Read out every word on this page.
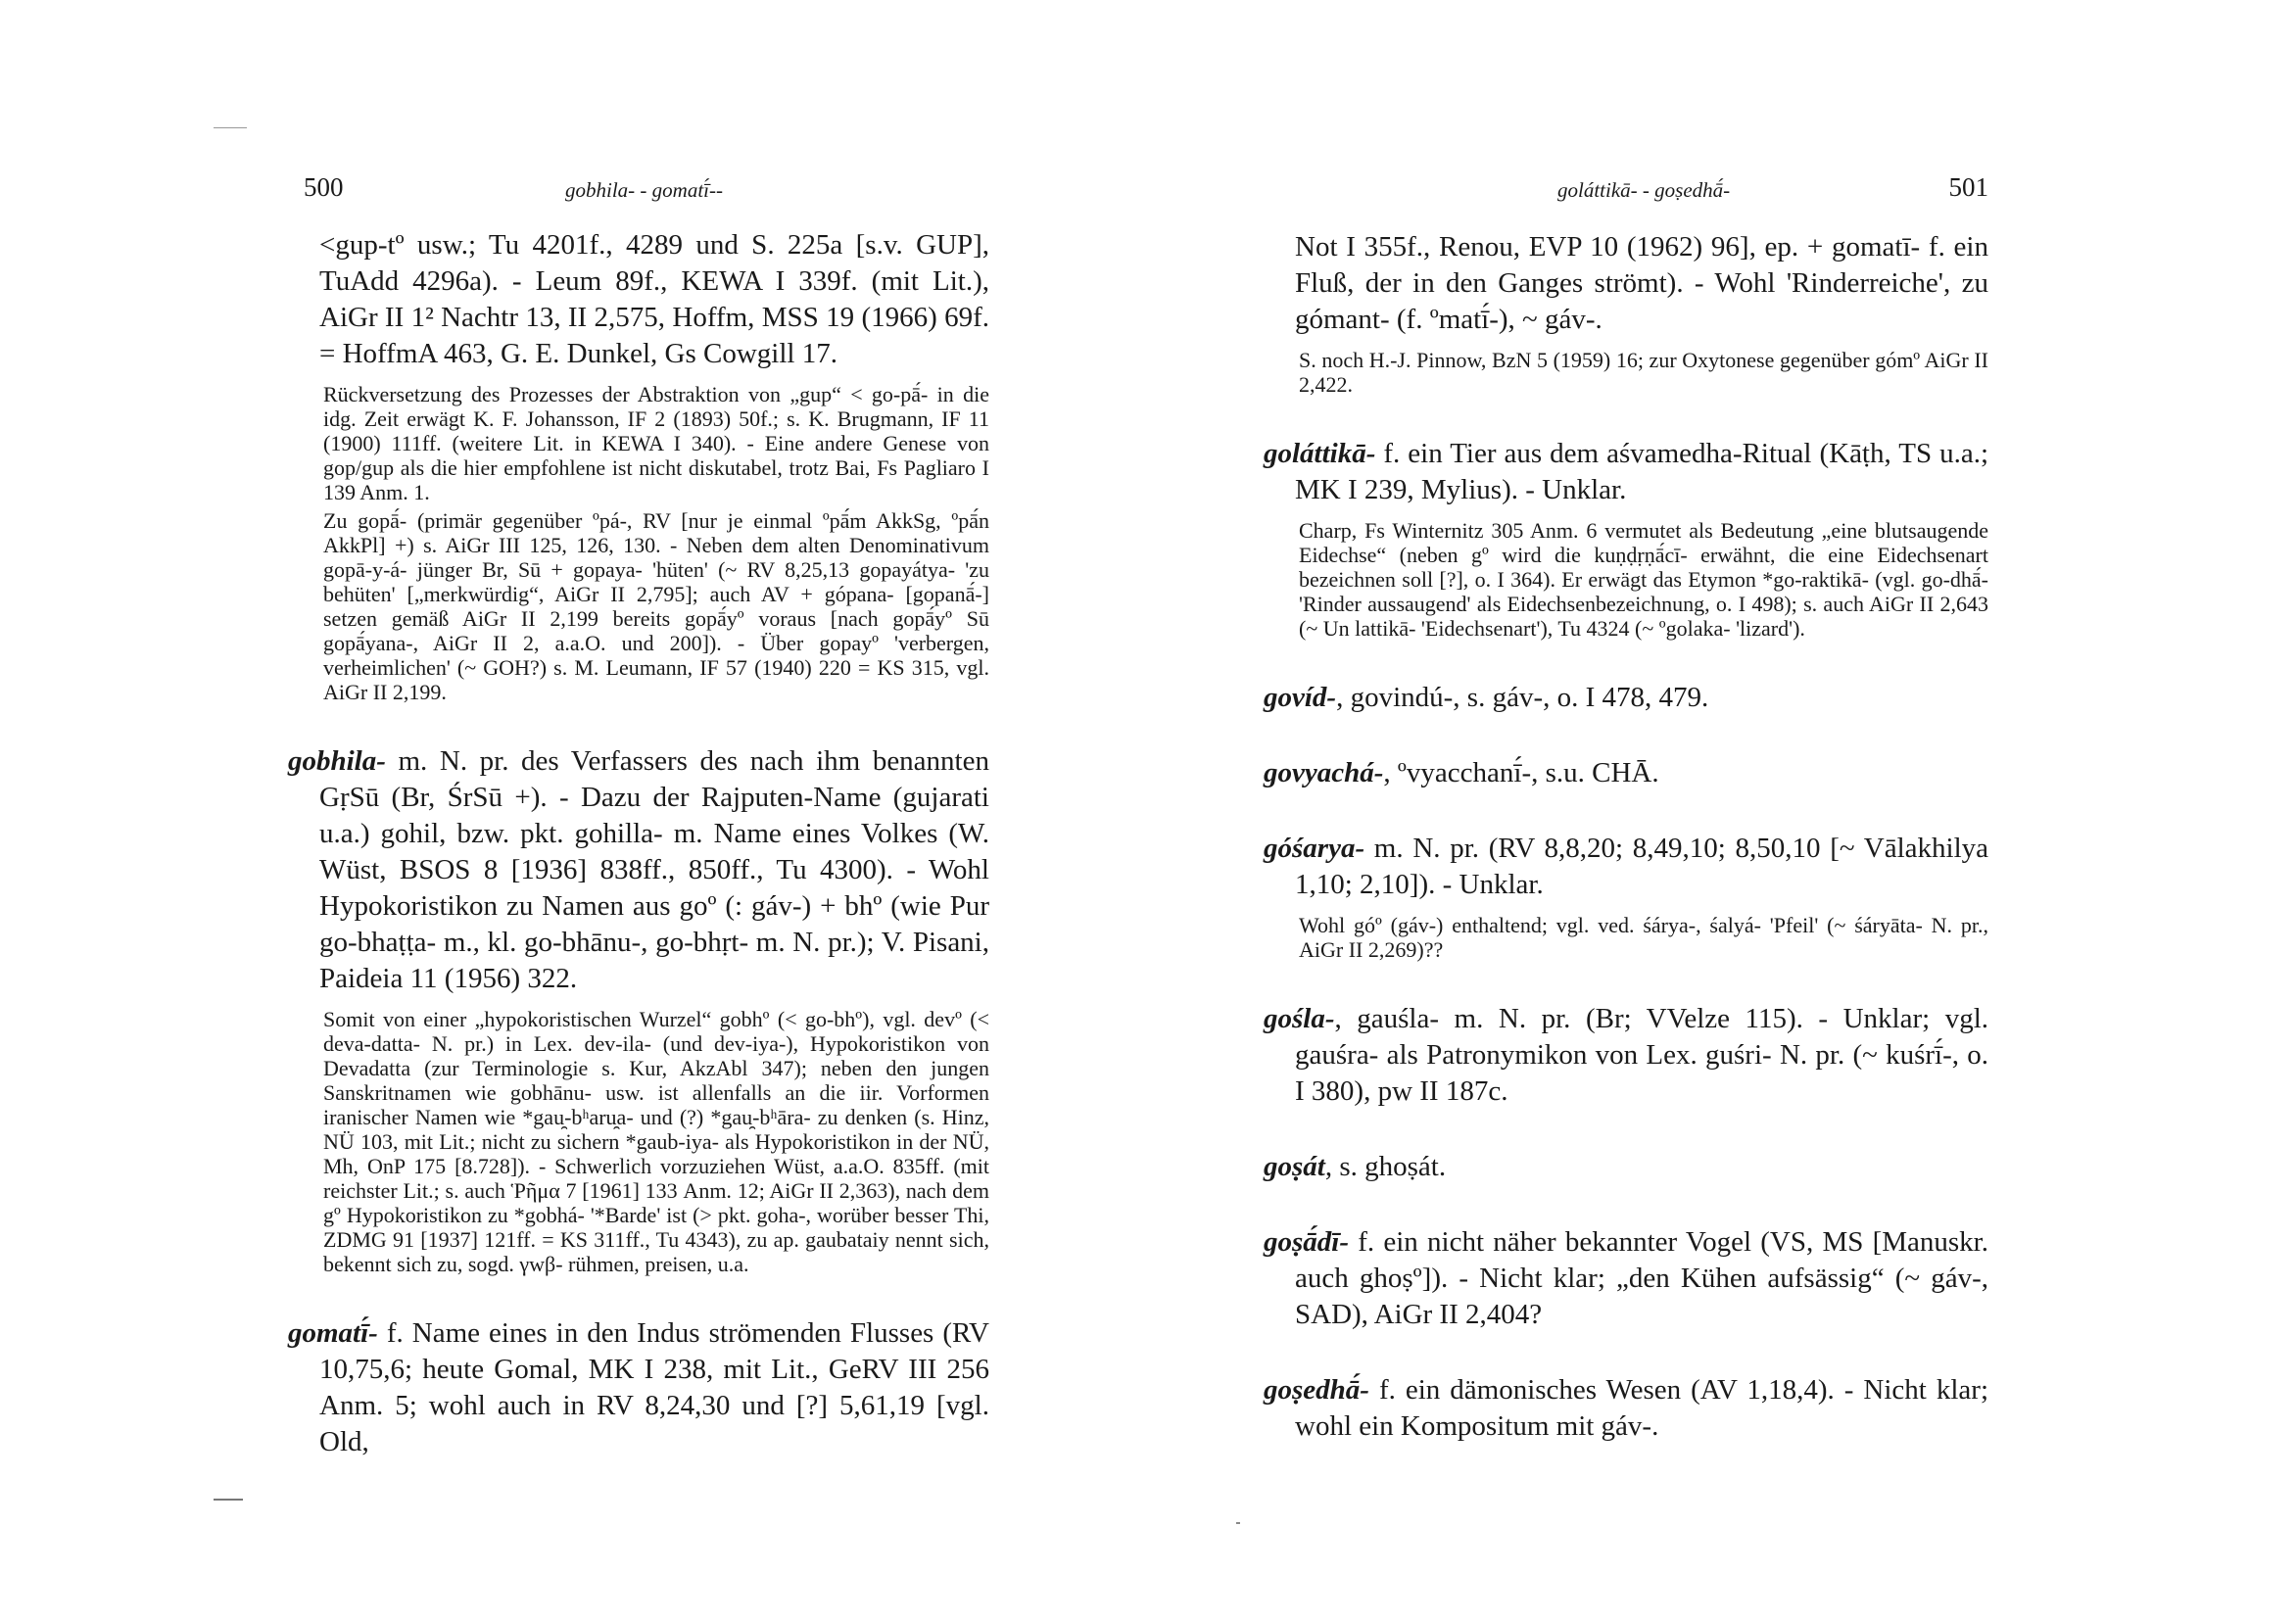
500	gobhila- - gomatī́--

<gup-tº usw.; Tu 4201f., 4289 und S. 225a [s.v. GUP], TuAdd 4296a). - Leum 89f., KEWA I 339f. (mit Lit.), AiGr II 1² Nachtr 13, II 2,575, Hoffm, MSS 19 (1966) 69f. = HoffmA 463, G. E. Dunkel, Gs Cowgill 17.

Rückversetzung des Prozesses der Abstraktion von „gup“ < go-pā́- in die idg. Zeit erwägt K. F. Johansson, IF 2 (1893) 50f.; s. K. Brugmann, IF 11 (1900) 111ff. (weitere Lit. in KEWA I 340). - Eine andere Genese von gop/gup als die hier empfohlene ist nicht diskutabel, trotz Bai, Fs Pagliaro I 139 Anm. 1.

Zu gopā́- (primär gegenüber ºpá-, RV [nur je einmal ºpā́m AkkSg, ºpā́n AkkPl] +) s. AiGr III 125, 126, 130. - Neben dem alten Denominativum gopā-y-á- jünger Br, Sū + gopaya- 'hüten' (~ RV 8,25,13 gopayátya- 'zu behüten' [„merkwürdig“, AiGr II 2,795]; auch AV + gópana- [gopanā́-] setzen gemäß AiGr II 2,199 bereits gopā́yº voraus [nach gopā́yº Sū gopā́yana-, AiGr II 2, a.a.O. und 200]). - Über gopayº 'verbergen, verheimlichen' (~ GOH?) s. M. Leumann, IF 57 (1940) 220 = KS 315, vgl. AiGr II 2,199.

gobhila- m. N. pr. des Verfassers des nach ihm benannten GṛSū (Br, ŚrSū +). - Dazu der Rajputen-Name (gujarati u.a.) gohil, bzw. pkt. gohilla- m. Name eines Volkes (W. Wüst, BSOS 8 [1936] 838ff., 850ff., Tu 4300). - Wohl Hypokoristikon zu Namen aus goº (: gáv-) + bhº (wie Pur go-bhaṭṭa- m., kl. go-bhānu-, go-bhṛt- m. N. pr.); V. Pisani, Paideia 11 (1956) 322.

Somit von einer „hypokoristischen Wurzel“ gobhº (< go-bhº), vgl. devº (< deva-datta- N. pr.) in Lex. dev-ila- (und dev-iya-), Hypokoristikon von Devadatta (zur Terminologie s. Kur, AkzAbl 347); neben den jungen Sanskritnamen wie gobhānu- usw. ist allenfalls an die iir. Vorformen iranischer Namen wie *gau̯-bʰaru̯a- und (?) *gau̯-bʰāra- zu denken (s. Hinz, NÜ 103, mit Lit.; nicht zu sichern *gaub-iya- als Hypokoristikon in der NÜ, Mh, OnP 175 [8.728]). - Schwerlich vorzuziehen Wüst, a.a.O. 835ff. (mit reichster Lit.; s. auch Ῥῆμα 7 [1961] 133 Anm. 12; AiGr II 2,363), nach dem gº Hypokoristikon zu *gobhá- '*Barde' ist (> pkt. goha-, worüber besser Thi, ZDMG 91 [1937] 121ff. = KS 311ff., Tu 4343), zu ap. gaubataiy nennt sich, bekennt sich zu, sogd. γwβ- rühmen, preisen, u.a.

gomatī́- f. Name eines in den Indus strömenden Flusses (RV 10,75,6; heute Gomal, MK I 238, mit Lit., GeRV III 256 Anm. 5; wohl auch in RV 8,24,30 und [?] 5,61,19 [vgl. Old,

goláttikā- - goṣedhā́-	501

Not I 355f., Renou, EVP 10 (1962) 96], ep. + gomatī- f. ein Fluß, der in den Ganges strömt). - Wohl 'Rinderreiche', zu gómant- (f. ºmatī́-), ~ gáv-.

S. noch H.-J. Pinnow, BzN 5 (1959) 16; zur Oxytonese gegenüber gómº AiGr II 2,422.

goláttikā- f. ein Tier aus dem aśvamedha-Ritual (Kāṭh, TS u.a.; MK I 239, Mylius). - Unklar.

Charp, Fs Winternitz 305 Anm. 6 vermutet als Bedeutung „eine blutsaugende Eidechse“ (neben gº wird die kuṇḍṛṇā́cī- erwähnt, die eine Eidechsenart bezeichnen soll [?], o. I 364). Er erwägt das Etymon *go-raktikā- (vgl. go-dhā́- 'Rinder aussaugend' als Eidechsenbezeichnung, o. I 498); s. auch AiGr II 2,643 (~ Un lattikā- 'Eidechsenart'), Tu 4324 (~ ºgolaka- 'lizard').

govíd-, govindú-, s. gáv-, o. I 478, 479.

govyachá-, ºvyacchanī́-, s.u. CHĀ.

góśarya- m. N. pr. (RV 8,8,20; 8,49,10; 8,50,10 [~ Vālakhilya 1,10; 2,10]). - Unklar.

Wohl góº (gáv-) enthaltend; vgl. ved. śárya-, śalyá- 'Pfeil' (~ śáryāta- N. pr., AiGr II 2,269)??

gośla-, gauśla- m. N. pr. (Br; VVelze 115). - Unklar; vgl. gauśra- als Patronymikon von Lex. guśri- N. pr. (~ kuśrī́-, o. I 380), pw II 187c.

goṣát, s. ghoṣát.

goṣā́dī- f. ein nicht näher bekannter Vogel (VS, MS [Manuskr. auch ghoṣº]). - Nicht klar; „den Kühen aufsässig“ (~ gáv-, SAD), AiGr II 2,404?

goṣedhā́- f. ein dämonisches Wesen (AV 1,18,4). - Nicht klar; wohl ein Kompositum mit gáv-.
